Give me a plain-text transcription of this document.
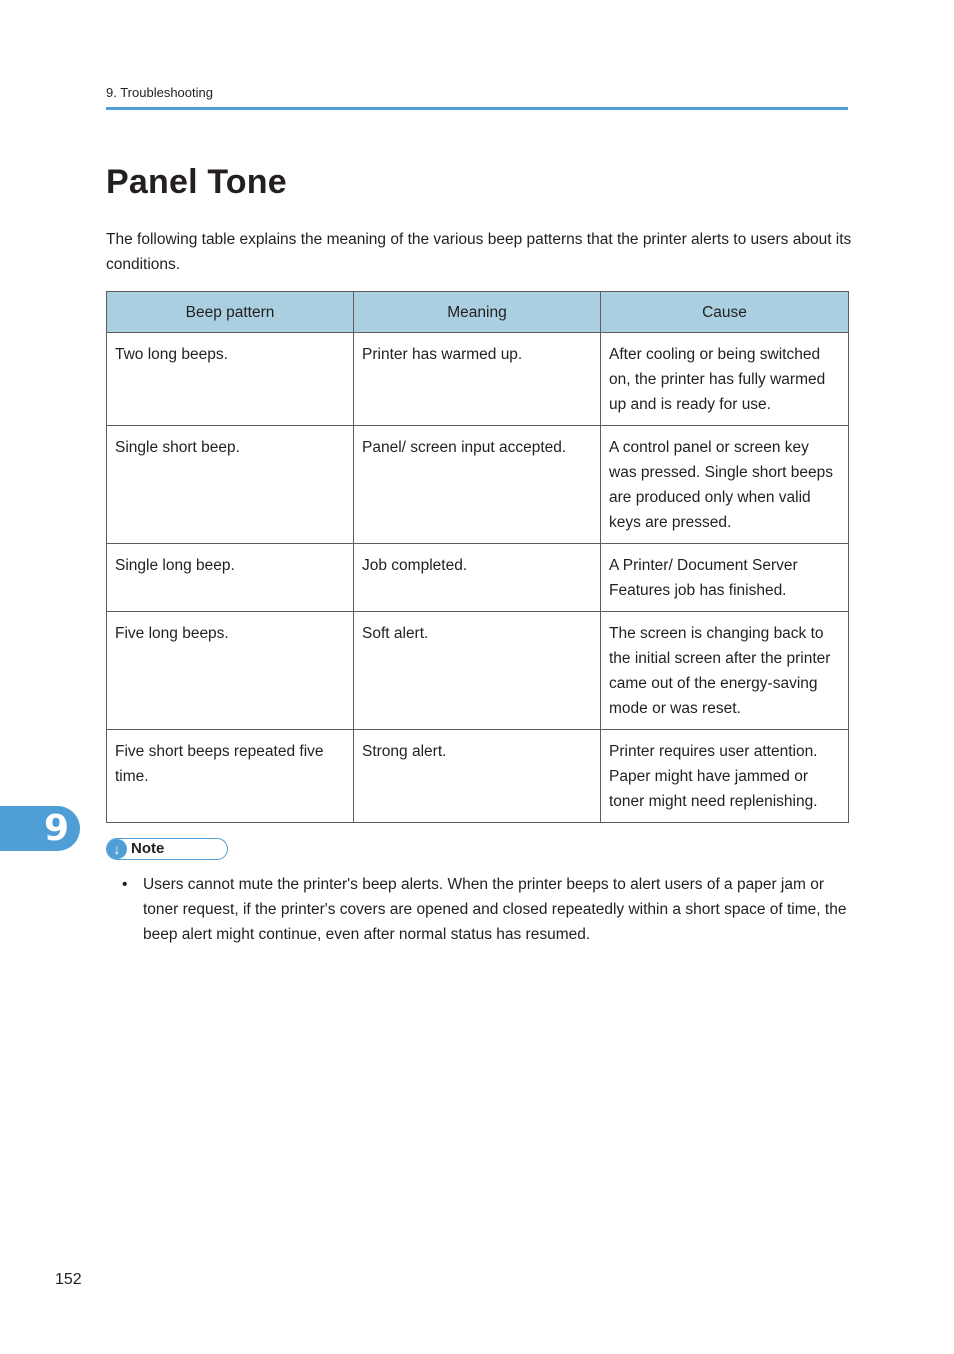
9. Troubleshooting
Panel Tone

The following table explains the meaning of the various beep patterns that the printer alerts to users about its conditions.

Beep pattern	Meaning	Cause
Two long beeps.	Printer has warmed up.	After cooling or being switched on, the printer has fully warmed up and is ready for use.
Single short beep.	Panel/ screen input accepted.	A control panel or screen key was pressed. Single short beeps are produced only when valid keys are pressed.
Single long beep.	Job completed.	A Printer/ Document Server Features job has finished.
Five long beeps.	Soft alert.	The screen is changing back to the initial screen after the printer came out of the energy-saving mode or was reset.
Five short beeps repeated five time.	Strong alert.	Printer requires user attention. Paper might have jammed or toner might need replenishing.
9	↓ Note
• Users cannot mute the printer's beep alerts. When the printer beeps to alert users of a paper jam or toner request, if the printer's covers are opened and closed repeatedly within a short space of time, the beep alert might continue, even after normal status has resumed.
152
